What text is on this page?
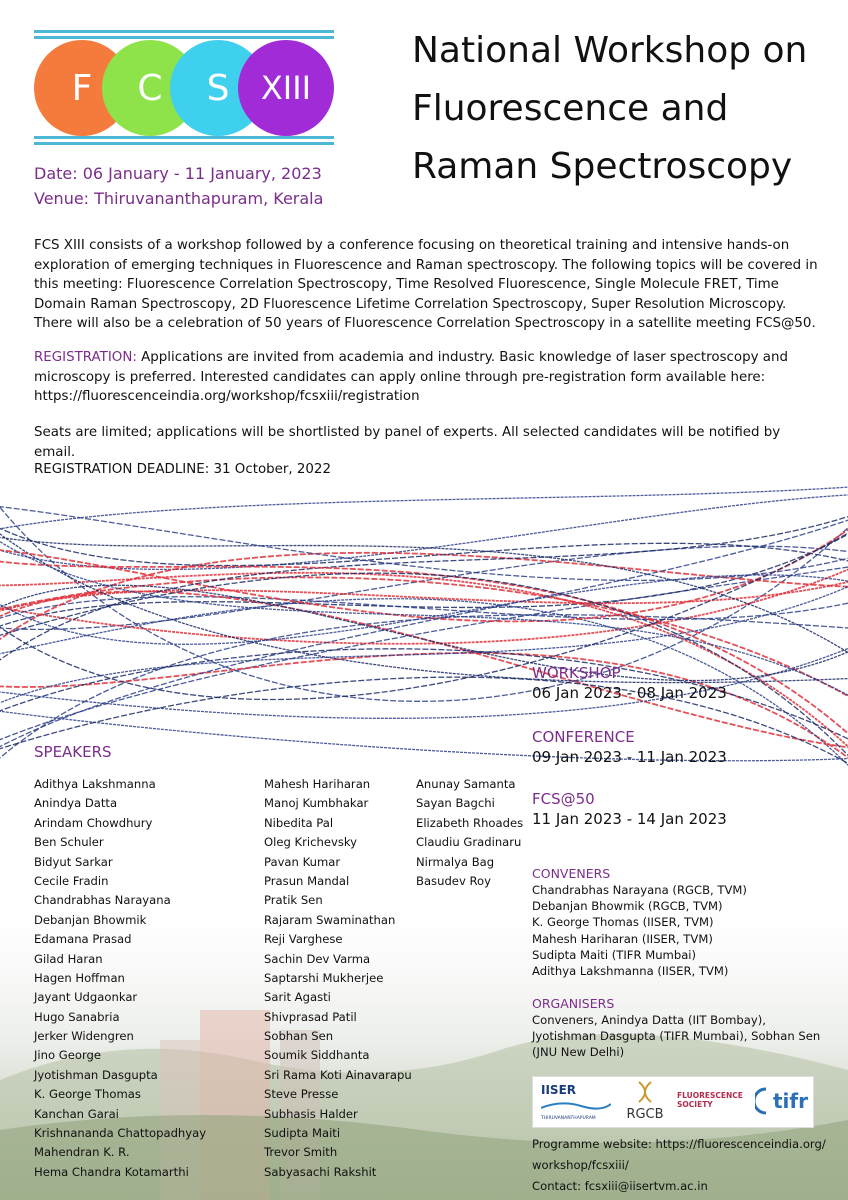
F C S XIII
National Workshop on Fluorescence and Raman Spectroscopy
Date: 06 January - 11 January, 2023
Venue: Thiruvananthapuram, Kerala
FCS XIII consists of a workshop followed by a conference focusing on theoretical training and intensive hands-on exploration of emerging techniques in Fluorescence and Raman spectroscopy. The following topics will be covered in this meeting: Fluorescence Correlation Spectroscopy, Time Resolved Fluorescence, Single Molecule FRET, Time Domain Raman Spectroscopy, 2D Fluorescence Lifetime Correlation Spectroscopy, Super Resolution Microscopy. There will also be a celebration of 50 years of Fluorescence Correlation Spectroscopy in a satellite meeting FCS@50.
REGISTRATION: Applications are invited from academia and industry. Basic knowledge of laser spectroscopy and microscopy is preferred. Interested candidates can apply online through pre-registration form available here: https://fluorescenceindia.org/workshop/fcsxiii/registration
Seats are limited; applications will be shortlisted by panel of experts. All selected candidates will be notified by email.
REGISTRATION DEADLINE: 31 October, 2022
SPEAKERS
Adithya Lakshmanna
Anindya Datta
Arindam Chowdhury
Ben Schuler
Bidyut Sarkar
Cecile Fradin
Chandrabhas Narayana
Debanjan Bhowmik
Edamana Prasad
Gilad Haran
Hagen Hoffman
Jayant Udgaonkar
Hugo Sanabria
Jerker Widengren
Jino George
Jyotishman Dasgupta
K. George Thomas
Kanchan Garai
Krishnananda Chattopadhyay
Mahendran K. R.
Hema Chandra Kotamarthi
Mahesh Hariharan
Manoj Kumbhakar
Nibedita Pal
Oleg Krichevsky
Pavan Kumar
Prasun Mandal
Pratik Sen
Rajaram Swaminathan
Reji Varghese
Sachin Dev Varma
Saptarshi Mukherjee
Sarit Agasti
Shivprasad Patil
Sobhan Sen
Soumik Siddhanta
Sri Rama Koti Ainavarapu
Steve Presse
Subhasis Halder
Sudipta Maiti
Trevor Smith
Sabyasachi Rakshit
Anunay Samanta
Sayan Bagchi
Elizabeth Rhoades
Claudiu Gradinaru
Nirmalya Bag
Basudev Roy
WORKSHOP
06 Jan 2023 - 08 Jan 2023
CONFERENCE
09 Jan 2023 - 11 Jan 2023
FCS@50
11 Jan 2023 - 14 Jan 2023
CONVENERS
Chandrabhas Narayana (RGCB, TVM)
Debanjan Bhowmik (RGCB, TVM)
K. George Thomas (IISER, TVM)
Mahesh Hariharan (IISER, TVM)
Sudipta Maiti (TIFR Mumbai)
Adithya Lakshmanna (IISER, TVM)
ORGANISERS
Conveners, Anindya Datta (IIT Bombay),
Jyotishman Dasgupta (TIFR Mumbai), Sobhan Sen
(JNU New Delhi)
IISER
THIRUVANANTHAPURAM	RGCB
FLUORESCENCE
SOCIETY	tifr
Programme website: https://fluorescenceindia.org/ workshop/fcsxiii/
Contact: fcsxiii@iisertvm.ac.in
